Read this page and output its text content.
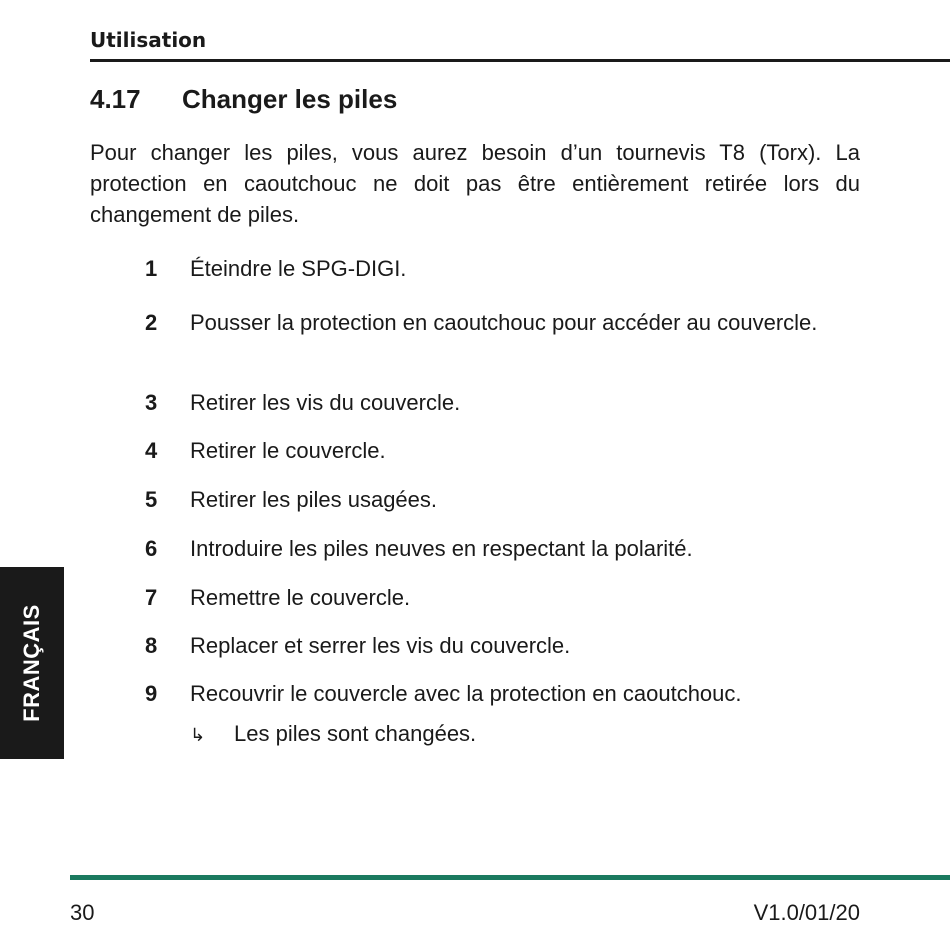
Utilisation
4.17 Changer les piles

Pour changer les piles, vous aurez besoin d’un tournevis T8 (Torx). La protection en caoutchouc ne doit pas être entièrement retirée lors du changement de piles.

1 Éteindre le SPG-DIGI.
2 Pousser la protection en caoutchouc pour accéder au couvercle.
3 Retirer les vis du couvercle.
4 Retirer le couvercle.
5 Retirer les piles usagées.
6 Introduire les piles neuves en respectant la polarité.
7 Remettre le couvercle.
8 Replacer et serrer les vis du couvercle.
9 Recouvrir le couvercle avec la protection en caoutchouc.
↳ Les piles sont changées.
FRANÇAIS
30	V1.0/01/20
